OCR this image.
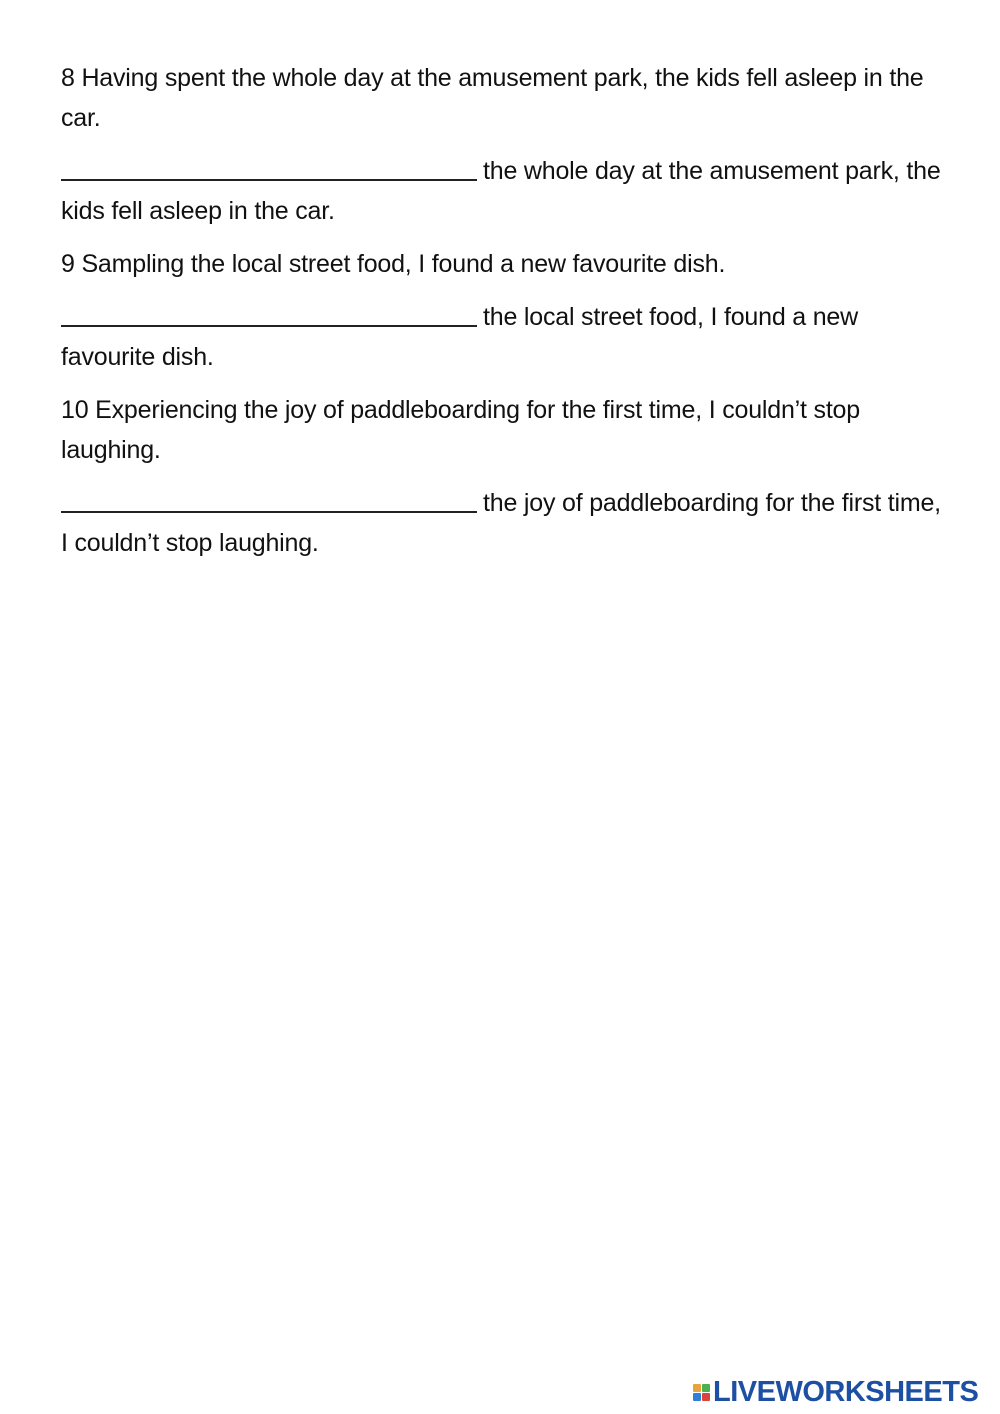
8 Having spent the whole day at the amusement park, the kids fell asleep in the car.

the whole day at the amusement park, the kids fell asleep in the car.

9 Sampling the local street food, I found a new favourite dish.

the local street food, I found a new favourite dish.

10 Experiencing the joy of paddleboarding for the first time, I couldn’t stop laughing.

the joy of paddleboarding for the first time, I couldn’t stop laughing.

LIVEWORKSHEETS
